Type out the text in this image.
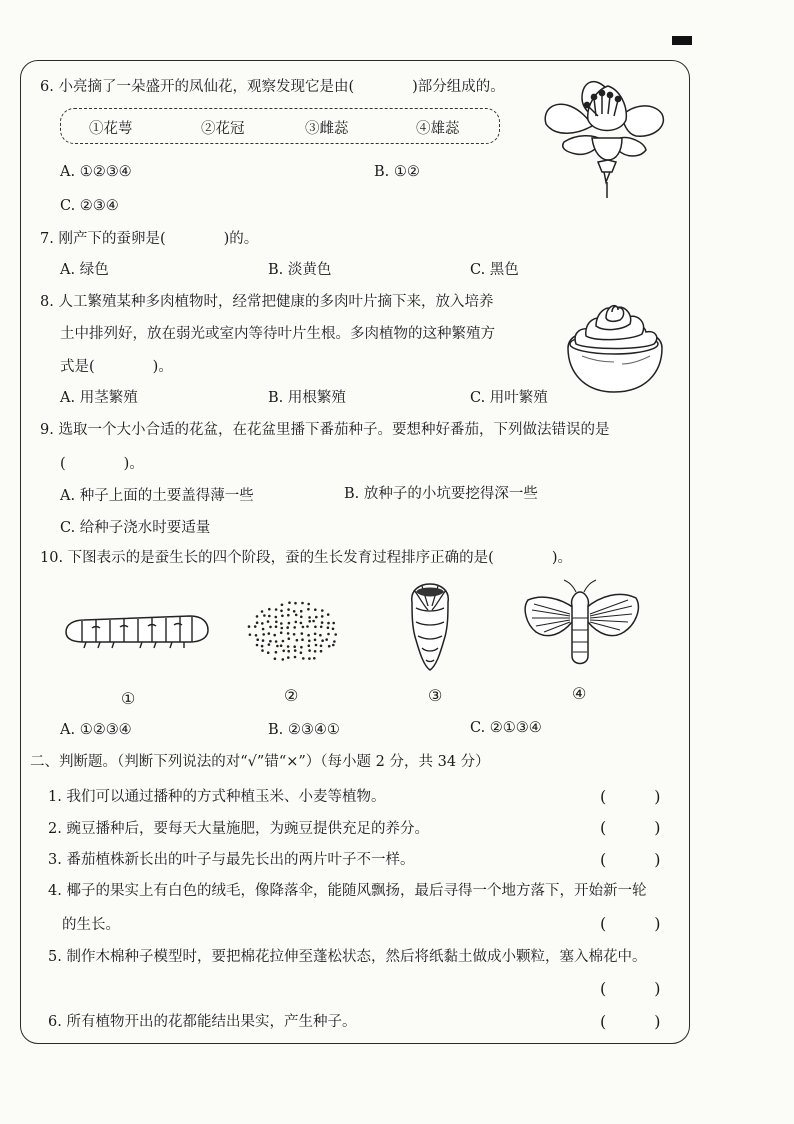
6. 小亮摘了一朵盛开的凤仙花，观察发现它是由(　　　　)部分组成的。
①花萼	②花冠	③雌蕊	④雄蕊
A. ①②③④	B. ①②
C. ②③④
7. 刚产下的蚕卵是(　　　　)的。
A. 绿色	B. 淡黄色	C. 黑色
8. 人工繁殖某种多肉植物时，经常把健康的多肉叶片摘下来，放入培养
土中排列好，放在弱光或室内等待叶片生根。多肉植物的这种繁殖方
式是(　　　　)。
A. 用茎繁殖	B. 用根繁殖	C. 用叶繁殖
9. 选取一个大小合适的花盆，在花盆里播下番茄种子。要想种好番茄，下列做法错误的是
(　　　　)。
A. 种子上面的土要盖得薄一些	B. 放种子的小坑要挖得深一些
C. 给种子浇水时要适量
10. 下图表示的是蚕生长的四个阶段，蚕的生长发育过程排序正确的是(　　　　)。
①	②	③	④
A. ①②③④	B. ②③④①	C. ②①③④
二、判断题。（判断下列说法的对“√”错“×”）（每小题 2 分，共 34 分）
1. 我们可以通过播种的方式种植玉米、小麦等植物。	(　　　)
2. 豌豆播种后，要每天大量施肥，为豌豆提供充足的养分。	(　　　)
3. 番茄植株新长出的叶子与最先长出的两片叶子不一样。	(　　　)
4. 椰子的果实上有白色的绒毛，像降落伞，能随风飘扬，最后寻得一个地方落下，开始新一轮
的生长。	(　　　)
5. 制作木棉种子模型时，要把棉花拉伸至蓬松状态，然后将纸黏土做成小颗粒，塞入棉花中。
(　　　)
6. 所有植物开出的花都能结出果实，产生种子。	(　　　)
